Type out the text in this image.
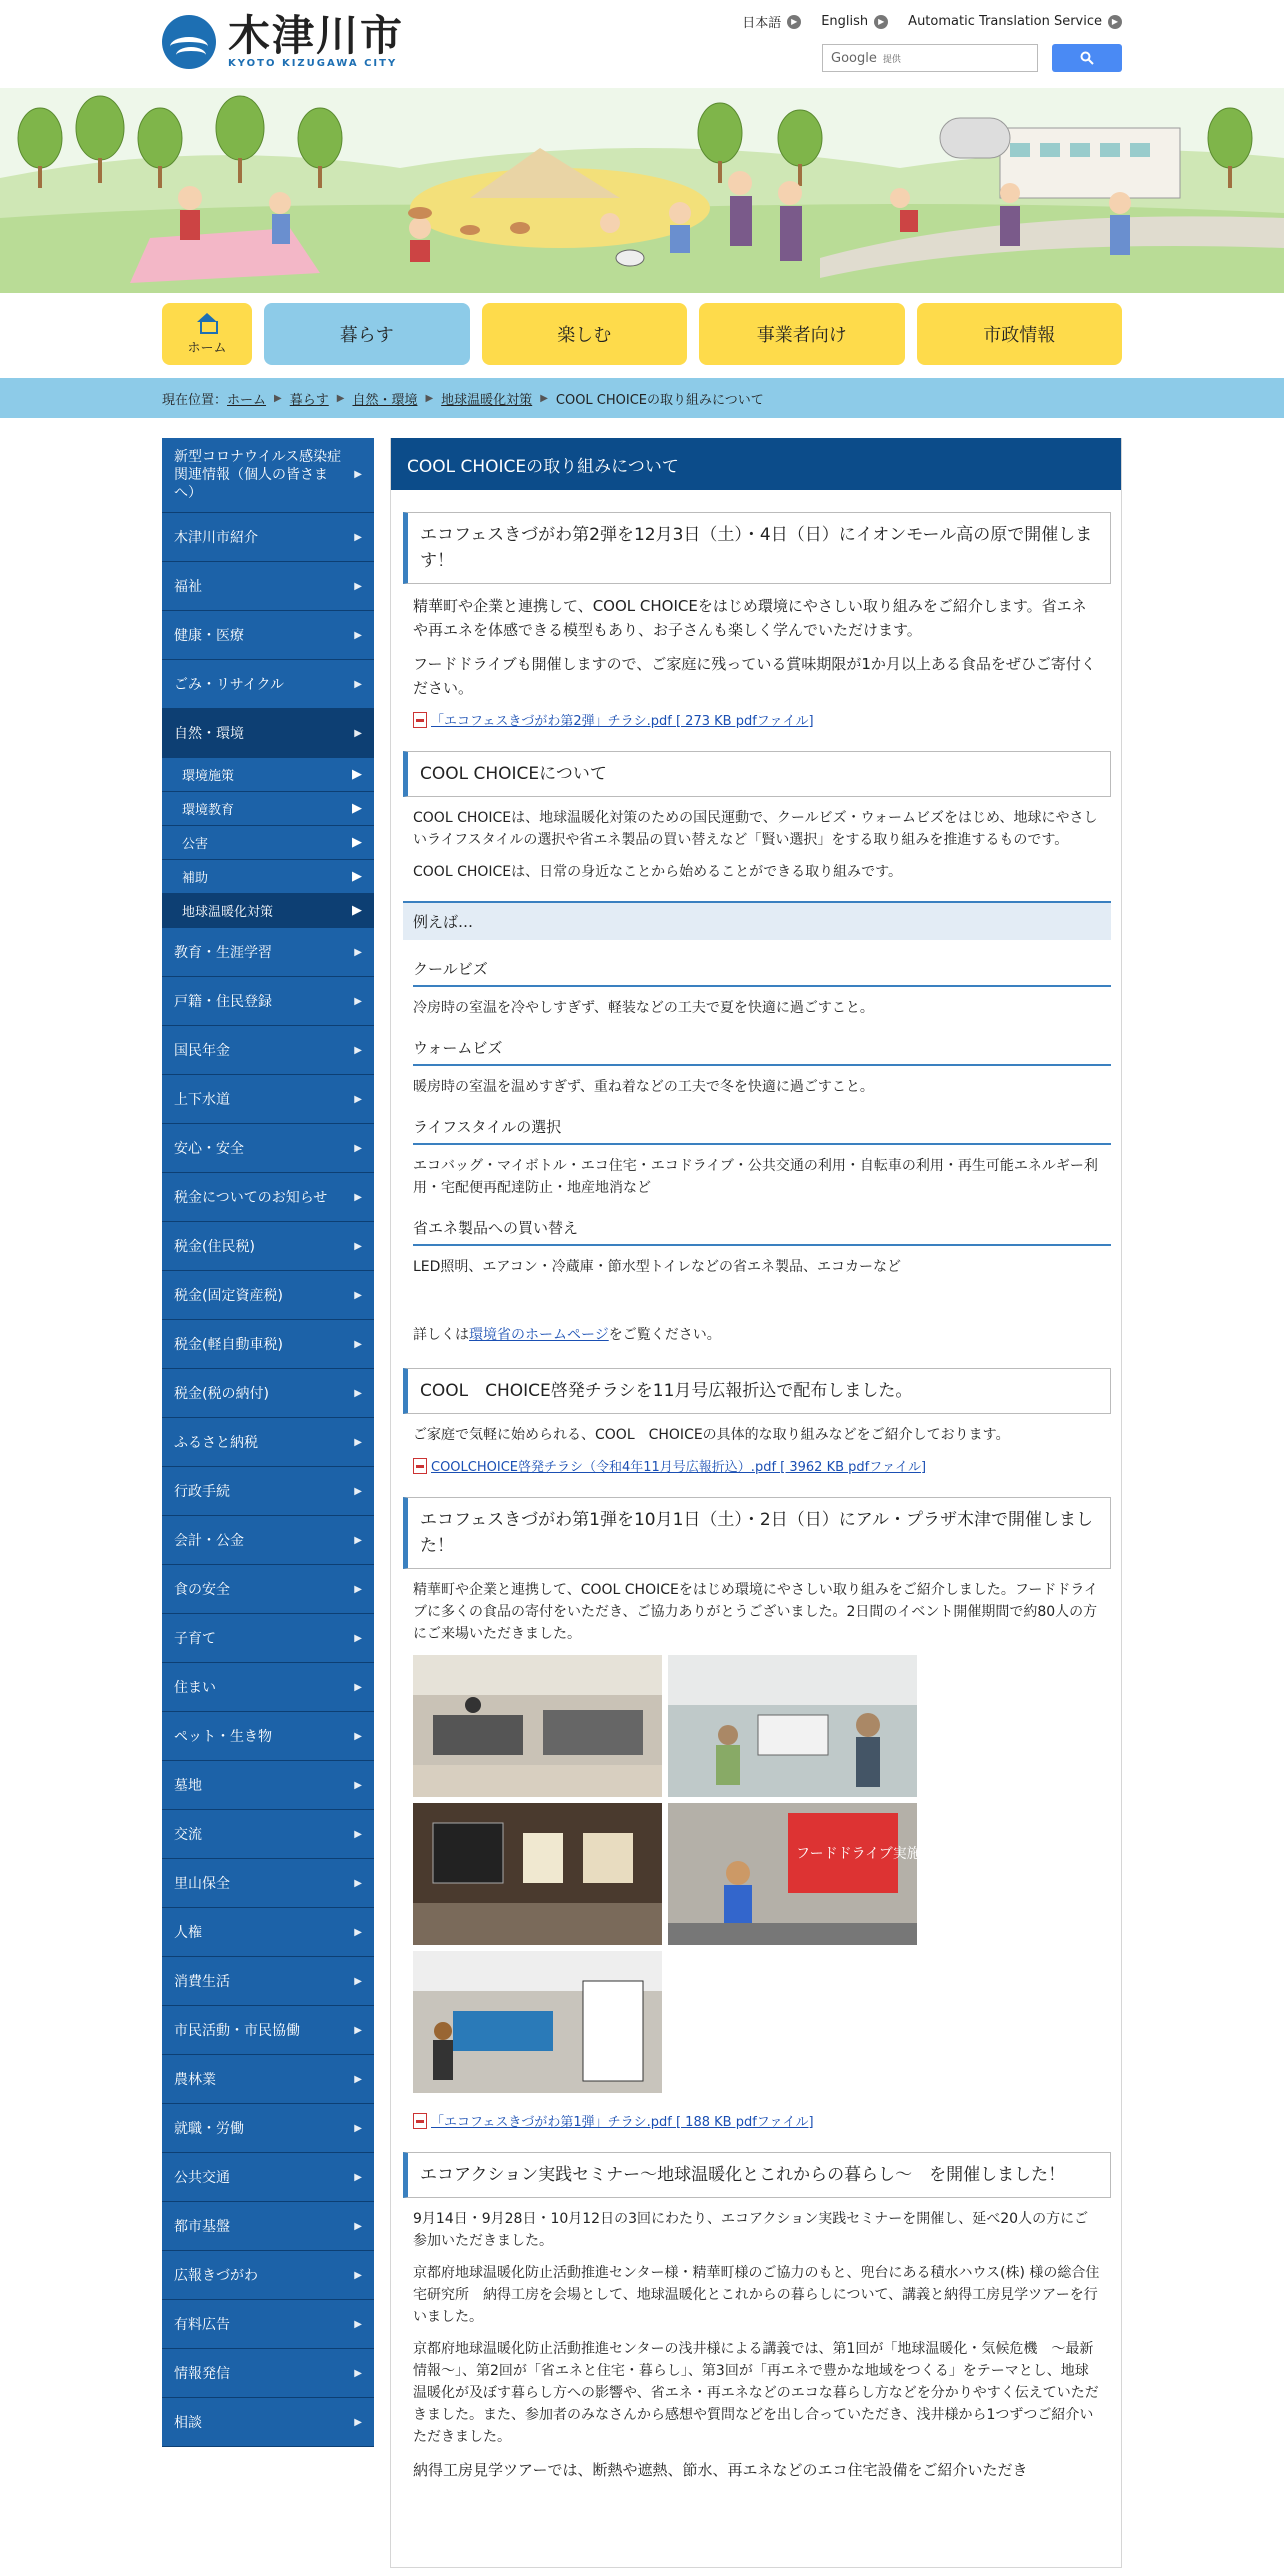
木津川市
KYOTO KIZUGAWA CITY
日本語	▶	English	▶	Automatic Translation Service	▶
Google 提供
ホーム
暮らす	楽しむ	事業者向け	市政情報
現在位置： ホーム ▶ 暮らす ▶ 自然・環境 ▶ 地球温暖化対策 ▶ COOL CHOICEの取り組みについて
新型コロナウイルス感染症関連情報（個人の皆さまへ）
▶
木津川市紹介	▶
福祉	▶
健康・医療	▶
ごみ・リサイクル	▶
自然・環境	▶
環境施策	▶
環境教育	▶
公害	▶
補助	▶
地球温暖化対策	▶
教育・生涯学習	▶
戸籍・住民登録	▶
国民年金	▶
上下水道	▶
安心・安全	▶
税金についてのお知らせ	▶
税金(住民税)	▶
税金(固定資産税)	▶
税金(軽自動車税)	▶
税金(税の納付)	▶
ふるさと納税	▶
行政手続	▶
会計・公金	▶
食の安全	▶
子育て	▶
住まい	▶
ペット・生き物	▶
墓地	▶
交流	▶
里山保全	▶
人権	▶
消費生活	▶
市民活動・市民協働	▶
農林業	▶
就職・労働	▶
公共交通	▶
都市基盤	▶
広報きづがわ	▶
有料広告	▶
情報発信	▶
相談	▶
COOL CHOICEの取り組みについて
エコフェスきづがわ第2弾を12月3日（土）・4日（日）にイオンモール高の原で開催します！
精華町や企業と連携して、COOL CHOICEをはじめ環境にやさしい取り組みをご紹介します。省エネや再エネを体感できる模型もあり、お子さんも楽しく学んでいただけます。
フードドライブも開催しますので、ご家庭に残っている賞味期限が1か月以上ある食品をぜひご寄付ください。
「エコフェスきづがわ第2弾」チラシ.pdf [ 273 KB pdfファイル]
COOL CHOICEについて
COOL CHOICEは、地球温暖化対策のための国民運動で、クールビズ・ウォームビズをはじめ、地球にやさしいライフスタイルの選択や省エネ製品の買い替えなど「賢い選択」をする取り組みを推進するものです。
COOL CHOICEは、日常の身近なことから始めることができる取り組みです。
例えば…
クールビズ
冷房時の室温を冷やしすぎず、軽装などの工夫で夏を快適に過ごすこと。
ウォームビズ
暖房時の室温を温めすぎず、重ね着などの工夫で冬を快適に過ごすこと。
ライフスタイルの選択
エコバッグ・マイボトル・エコ住宅・エコドライブ・公共交通の利用・自転車の利用・再生可能エネルギー利用・宅配便再配達防止・地産地消など
省エネ製品への買い替え
LED照明、エアコン・冷蔵庫・節水型トイレなどの省エネ製品、エコカーなど
詳しくは環境省のホームページをご覧ください。
COOL　CHOICE啓発チラシを11月号広報折込で配布しました。
ご家庭で気軽に始められる、COOL　CHOICEの具体的な取り組みなどをご紹介しております。
COOLCHOICE啓発チラシ（令和4年11月号広報折込）.pdf [ 3962 KB pdfファイル]
エコフェスきづがわ第1弾を10月1日（土）・2日（日）にアル・プラザ木津で開催しました！
精華町や企業と連携して、COOL CHOICEをはじめ環境にやさしい取り組みをご紹介しました。フードドライブに多くの食品の寄付をいただき、ご協力ありがとうございました。2日間のイベント開催期間で約80人の方にご来場いただきました。
フードドライブ実施中
「エコフェスきづがわ第1弾」チラシ.pdf [ 188 KB pdfファイル]
エコアクション実践セミナー～地球温暖化とこれからの暮らし～　を開催しました！
9月14日・9月28日・10月12日の3回にわたり、エコアクション実践セミナーを開催し、延べ20人の方にご参加いただきました。
京都府地球温暖化防止活動推進センター様・精華町様のご協力のもと、兜台にある積水ハウス(株) 様の総合住宅研究所　納得工房を会場として、地球温暖化とこれからの暮らしについて、講義と納得工房見学ツアーを行いました。
京都府地球温暖化防止活動推進センターの浅井様による講義では、第1回が「地球温暖化・気候危機　～最新情報～」、第2回が「省エネと住宅・暮らし」、第3回が「再エネで豊かな地域をつくる」をテーマとし、地球温暖化が及ぼす暮らし方への影響や、省エネ・再エネなどのエコな暮らし方などを分かりやすく伝えていただきました。また、参加者のみなさんから感想や質問などを出し合っていただき、浅井様から1つずつご紹介いただきました。
納得工房見学ツアーでは、断熱や遮熱、節水、再エネなどのエコ住宅設備をご紹介いただき
